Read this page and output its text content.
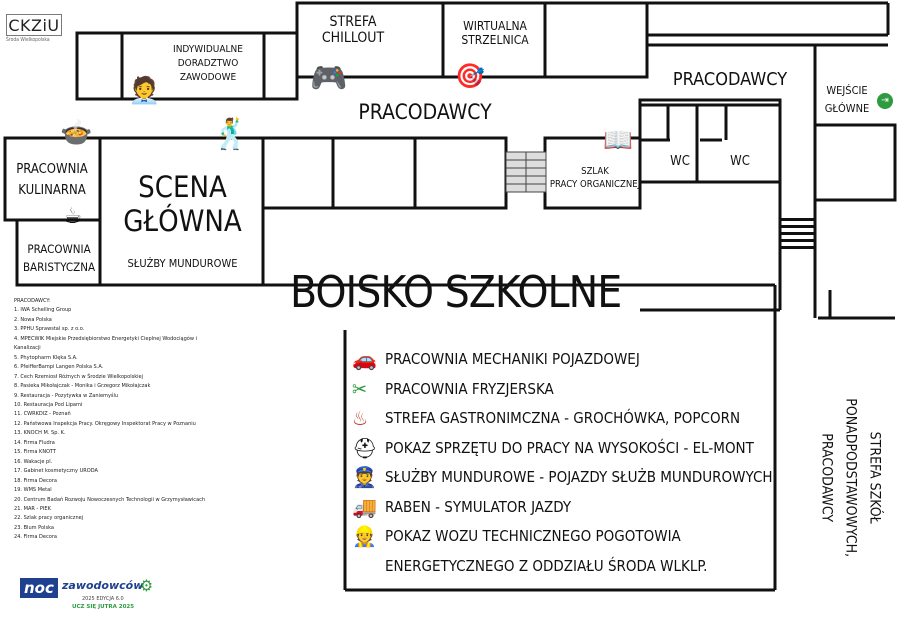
CKZiU
Środa Wielkopolska
STREFA
CHILLOUT
WIRTUALNA
STRZELNICA
INDYWIDUALNE
DORADZTWO
ZAWODOWE
PRACODAWCY
PRACODAWCY
WEJŚCIE
GŁÓWNE
WC	WC
SZLAK
PRACY ORGANICZNEJ
PRACOWNIA
KULINARNA
PRACOWNIA
BARISTYCZNA
SCENA
GŁÓWNA
SŁUŻBY MUNDUROWE
BOISKO SZKOLNE
STREFA SZKÓŁ
PONADPODSTAWOWYCH,
PRACODAWCY
🎮	🎯
🧑‍💼
🕺
🍲
☕
📖
⇥
🚗 PRACOWNIA MECHANIKI POJAZDOWEJ
✂	PRACOWNIA FRYZJERSKA
♨	STREFA GASTRONIMCZNA - GROCHÓWKA, POPCORN
⛑ POKAZ SPRZĘTU DO PRACY NA WYSOKOŚCI - EL-MONT
👮 SŁUŻBY MUNDUROWE - POJAZDY SŁUŻB MUNDUROWYCH
🚚 RABEN - SYMULATOR JAZDY
👷 POKAZ WOZU TECHNICZNEGO POGOTOWIA
ENERGETYCZNEGO Z ODDZIAŁU ŚRODA WLKLP.
PRACODAWCY:
1. IWA Schelling Group
2. Nowa Polska
3. PPHU Sprawstal sp. z o.o.
4. MPECWIK Miejskie Przedsiębiorstwo Energetyki Cieplnej Wodociągów i
Kanalizacji
5. Phytopharm Klęka S.A.
6. PfeifferBampi Langen Polska S.A.
7. Cech Rzemiosł Różnych w Środzie Wielkopolskiej
8. Pasieka Mikołajczak - Monika i Grzegorz Mikołajczak
9. Restauracja - Pozytywka w Zaniemyślu
10. Restauracja Pod Lipami
11. CWRKDIZ - Poznań
12. Państwowa Inspekcja Pracy. Okręgowy Inspektorat Pracy w Poznaniu
13. KNOCH M. Sp. K.
14. Firma Fludra
15. Firma KNOTT
16. Wakacje pl.
17. Gabinet kosmetyczny URODA
18. Firma Decora
19. WMS Metal
20. Centrum Badań Rozwoju Nowoczesnych Technologii w Grzymysławicach
21. MAR - PIEK
22. Szlak pracy organicznej
23. Blum Polska
24. Firma Decora
noc zawodowców
⚙
2025 EDYCJA 6.0
UCZ SIĘ JUTRA 2025
